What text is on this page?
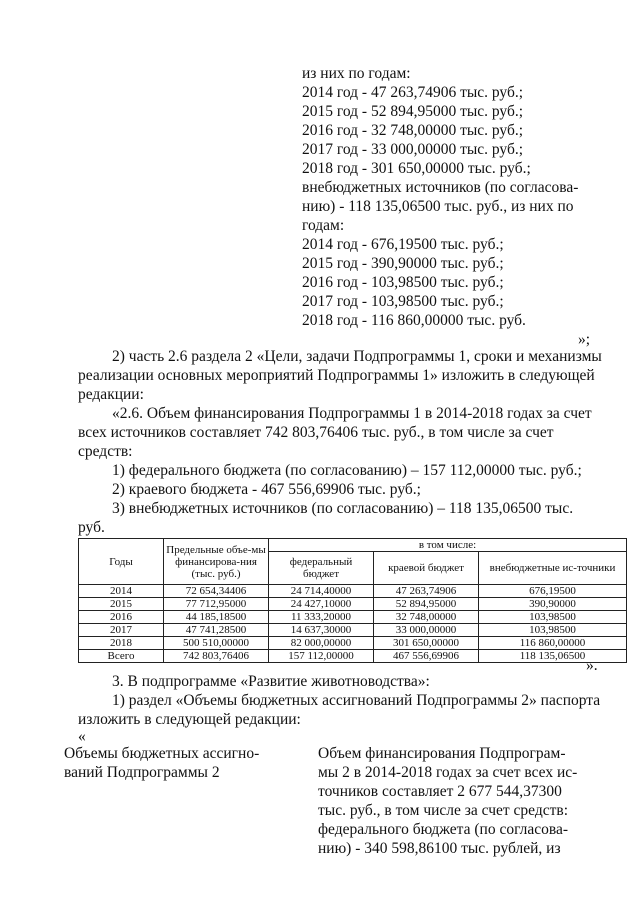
из них по годам:
2014 год - 47 263,74906 тыс. руб.;
2015 год - 52 894,95000 тыс. руб.;
2016 год - 32 748,00000 тыс. руб.;
2017 год - 33 000,00000 тыс. руб.;
2018 год - 301 650,00000 тыс. руб.;
внебюджетных источников (по согласова-
нию) - 118 135,06500 тыс. руб., из них по
годам:
2014 год - 676,19500 тыс. руб.;
2015 год - 390,90000 тыс. руб.;
2016 год - 103,98500 тыс. руб.;
2017 год - 103,98500 тыс. руб.;
2018 год - 116 860,00000 тыс. руб.
»;
2) часть 2.6 раздела 2 «Цели, задачи Подпрограммы 1, сроки и механизмы
реализации основных мероприятий Подпрограммы 1» изложить в следующей
редакции:
«2.6. Объем финансирования Подпрограммы 1 в 2014-2018 годах за счет
всех источников составляет 742 803,76406 тыс. руб., в том числе за счет
средств:
1) федерального бюджета (по согласованию) – 157 112,00000 тыс. руб.;
2) краевого бюджета - 467 556,69906 тыс. руб.;
3) внебюджетных источников (по согласованию) – 118 135,06500 тыс.
руб.
Годы	Предельные объе-мы финансирова-ния (тыс. руб.)	в том числе:		
		федеральный бюджет	краевой бюджет	внебюджетные ис-точники
2014	72 654,34406	24 714,40000	47 263,74906	676,19500
2015	77 712,95000	24 427,10000	52 894,95000	390,90000
2016	44 185,18500	11 333,20000	32 748,00000	103,98500
2017	47 741,28500	14 637,30000	33 000,00000	103,98500
2018	500 510,00000	82 000,00000	301 650,00000	116 860,00000
Всего	742 803,76406	157 112,00000	467 556,69906	118 135,06500
».
3. В подпрограмме «Развитие животноводства»:
1) раздел «Объемы бюджетных ассигнований Подпрограммы 2» паспорта
изложить в следующей редакции:
«
Объемы бюджетных ассигно-
ваний Подпрограммы 2
Объем финансирования Подпрограм-
мы 2 в 2014-2018 годах за счет всех ис-
точников составляет 2 677 544,37300
тыс. руб., в том числе за счет средств:
федерального бюджета (по согласова-
нию) - 340 598,86100 тыс. рублей, из
